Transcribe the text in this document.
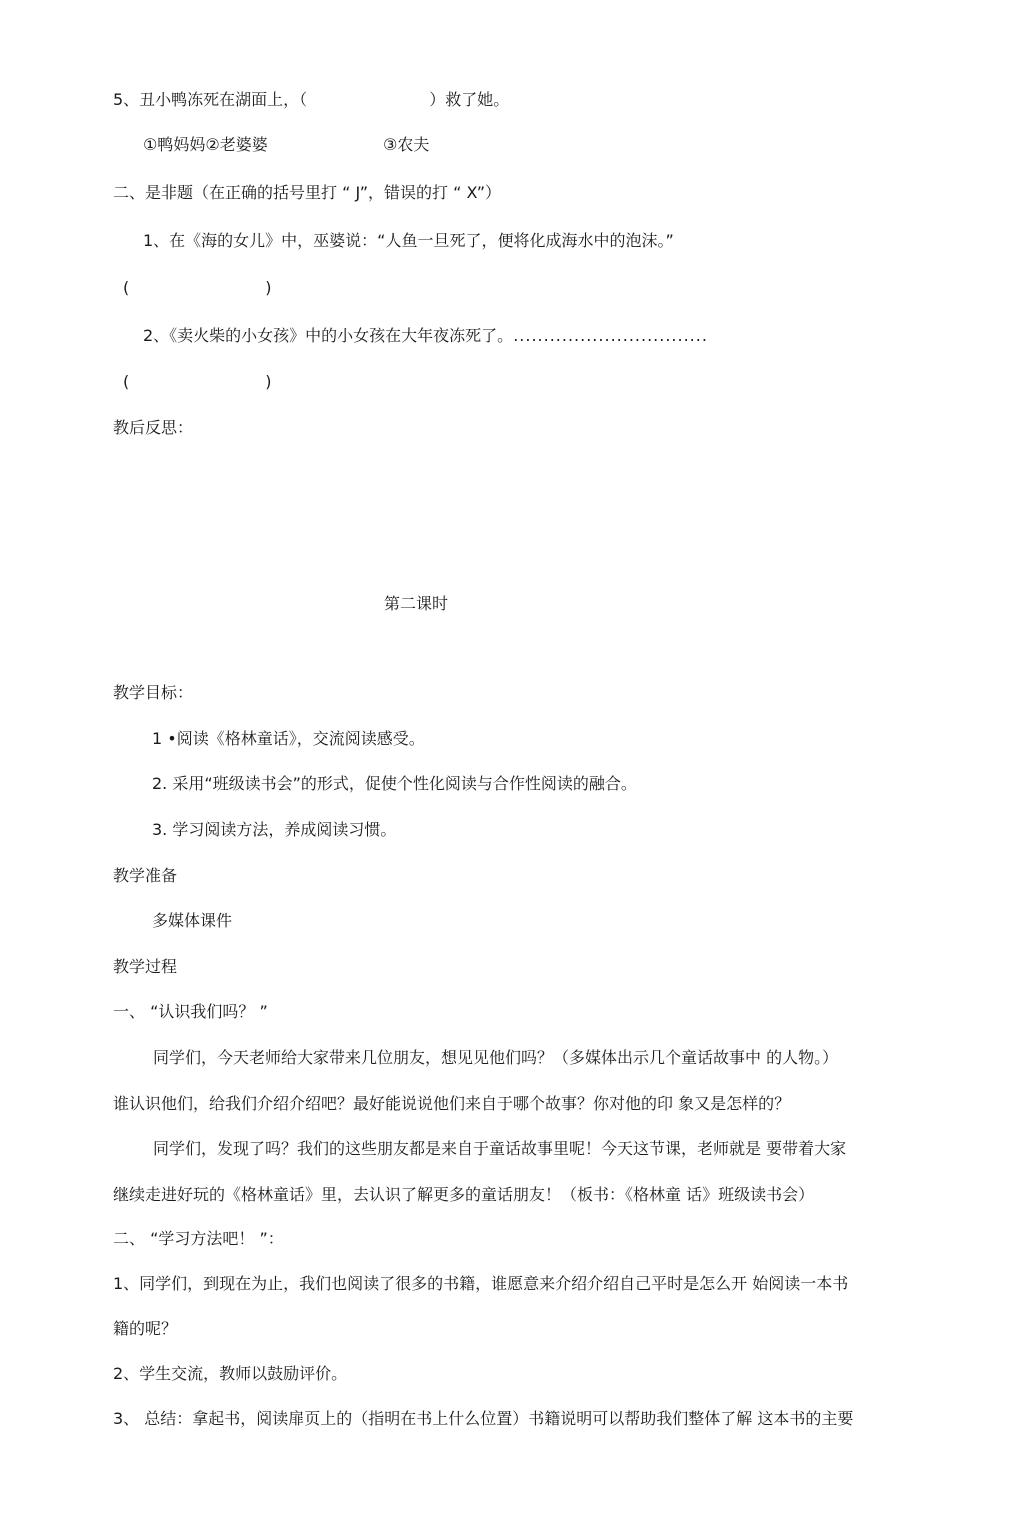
5、丑小鸭冻死在湖面上，（	）救了她。
①鸭妈妈②老婆婆	③农夫
二、是非题（在正确的括号里打 “ J”，错误的打 “ X”）
1、在《海的女儿》中，巫婆说：“人鱼一旦死了，便将化成海水中的泡沫。”
(	)
2、《卖火柴的小女孩》中的小女孩在大年夜冻死了。................................
(	)
教后反思：
第二课时
教学目标：
1 •阅读《格林童话》，交流阅读感受。
2. 采用“班级读书会”的形式，促使个性化阅读与合作性阅读的融合。
3. 学习阅读方法，养成阅读习惯。
教学准备
多媒体课件
教学过程
一、 “认识我们吗？ ”
同学们，今天老师给大家带来几位朋友，想见见他们吗？（多媒体出示几个童话故事中 的人物。）
谁认识他们，给我们介绍介绍吧？最好能说说他们来自于哪个故事？你对他的印 象又是怎样的？
同学们，发现了吗？我们的这些朋友都是来自于童话故事里呢！今天这节课，老师就是 要带着大家
继续走进好玩的《格林童话》里，去认识了解更多的童话朋友！（板书：《格林童 话》班级读书会）
二、 “学习方法吧！ ”：
1、同学们，到现在为止，我们也阅读了很多的书籍，谁愿意来介绍介绍自己平时是怎么开 始阅读一本书
籍的呢？
2、学生交流，教师以鼓励评价。
3、 总结：拿起书，阅读扉页上的（指明在书上什么位置）书籍说明可以帮助我们整体了解 这本书的主要
